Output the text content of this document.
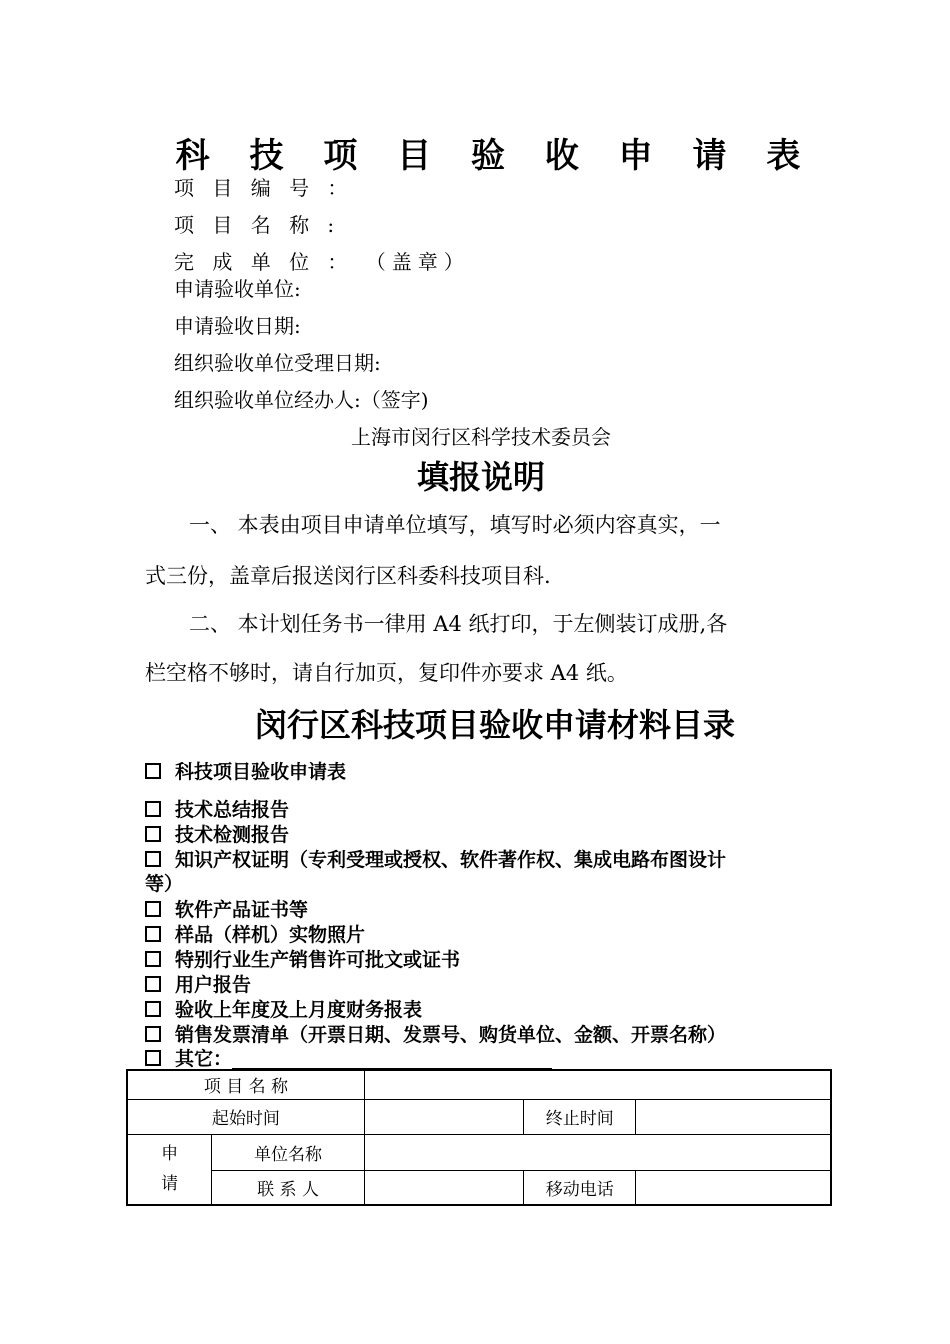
科 技 项 目 验 收 申 请 表
项 目 编 号 ：
项 目 名 称 :
完 成 单 位 ： （盖章）
申请验收单位:
申请验收日期:
组织验收单位受理日期:
组织验收单位经办人:（签字)
上海市闵行区科学技术委员会
填报说明
一、 本表由项目申请单位填写，填写时必须内容真实，一
式三份，盖章后报送闵行区科委科技项目科.
二、 本计划任务书一律用 A4 纸打印，于左侧装订成册,各
栏空格不够时，请自行加页，复印件亦要求 A4 纸。
闵行区科技项目验收申请材料目录
科技项目验收申请表
技术总结报告
技术检测报告
知识产权证明（专利受理或授权、软件著作权、集成电路布图设计
等）
软件产品证书等
样品（样机）实物照片
特别行业生产销售许可批文或证书
用户报告
验收上年度及上月度财务报表
销售发票清单（开票日期、发票号、购货单位、金额、开票名称）
其它：
项 目 名 称				
起始时间			终止时间	

申
请	单位名称			
	联 系 人		移动电话	
